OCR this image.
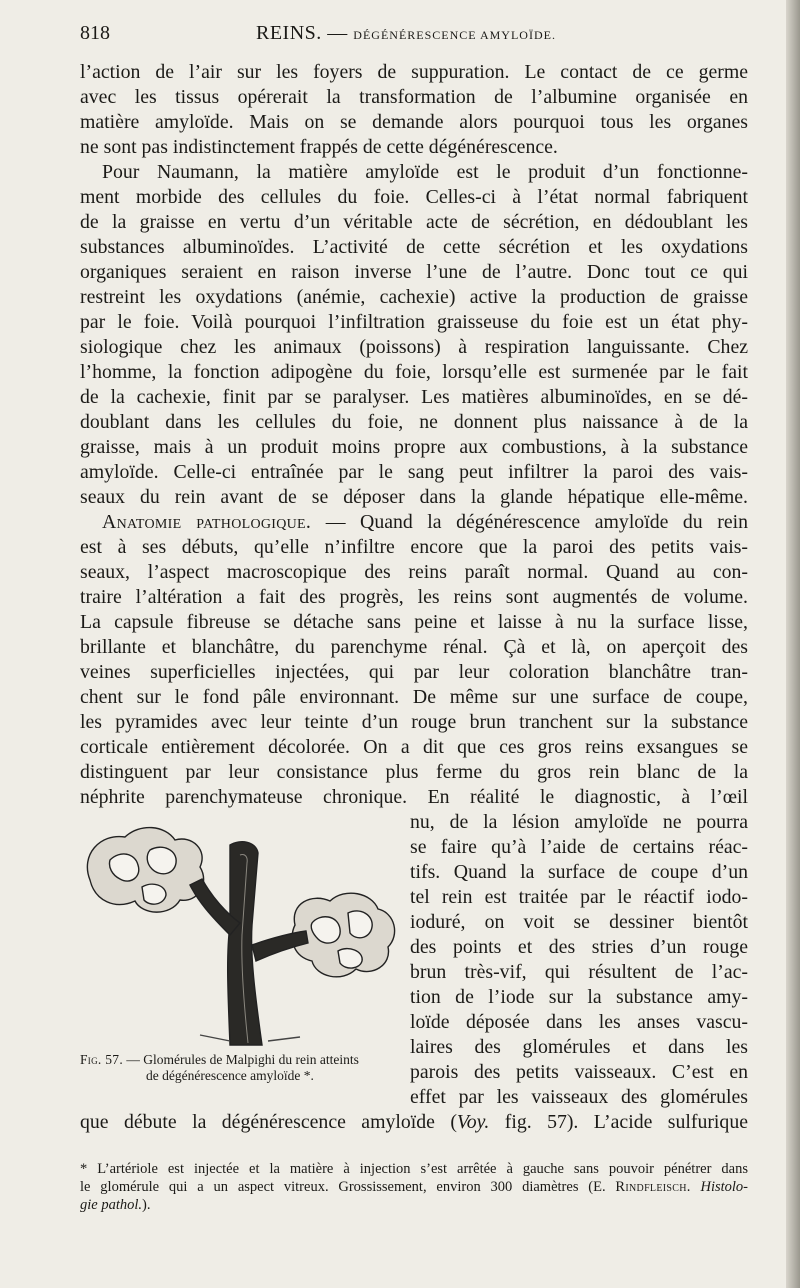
818	REINS. — DÉGÉNÉRESCENCE AMYLOÏDE.
l’action de l’air sur les foyers de suppuration. Le contact de ce germe
avec les tissus opérerait la transformation de l’albumine organisée en
matière amyloïde. Mais on se demande alors pourquoi tous les organes
ne sont pas indistinctement frappés de cette dégénérescence.
Pour Naumann, la matière amyloïde est le produit d’un fonctionne-
ment morbide des cellules du foie. Celles-ci à l’état normal fabriquent
de la graisse en vertu d’un véritable acte de sécrétion, en dédoublant les
substances albuminoïdes. L’activité de cette sécrétion et les oxydations
organiques seraient en raison inverse l’une de l’autre. Donc tout ce qui
restreint les oxydations (anémie, cachexie) active la production de graisse
par le foie. Voilà pourquoi l’infiltration graisseuse du foie est un état phy-
siologique chez les animaux (poissons) à respiration languissante. Chez
l’homme, la fonction adipogène du foie, lorsqu’elle est surmenée par le fait
de la cachexie, finit par se paralyser. Les matières albuminoïdes, en se dé-
doublant dans les cellules du foie, ne donnent plus naissance à de la
graisse, mais à un produit moins propre aux combustions, à la substance
amyloïde. Celle-ci entraînée par le sang peut infiltrer la paroi des vais-
seaux du rein avant de se déposer dans la glande hépatique elle-même.
Anatomie pathologique. — Quand la dégénérescence amyloïde du rein
est à ses débuts, qu’elle n’infiltre encore que la paroi des petits vais-
seaux, l’aspect macroscopique des reins paraît normal. Quand au con-
traire l’altération a fait des progrès, les reins sont augmentés de volume.
La capsule fibreuse se détache sans peine et laisse à nu la surface lisse,
brillante et blanchâtre, du parenchyme rénal. Çà et là, on aperçoit des
veines superficielles injectées, qui par leur coloration blanchâtre tran-
chent sur le fond pâle environnant. De même sur une surface de coupe,
les pyramides avec leur teinte d’un rouge brun tranchent sur la substance
corticale entièrement décolorée. On a dit que ces gros reins exsangues se
distinguent par leur consistance plus ferme du gros rein blanc de la
néphrite parenchymateuse chronique. En réalité le diagnostic, à l’œil
nu, de la lésion amyloïde ne pourra
se faire qu’à l’aide de certains réac-
tifs. Quand la surface de coupe d’un
tel rein est traitée par le réactif iodo-
ioduré, on voit se dessiner bientôt
des points et des stries d’un rouge
brun très-vif, qui résultent de l’ac-
tion de l’iode sur la substance amy-
loïde déposée dans les anses vascu-
laires des glomérules et dans les
parois des petits vaisseaux. C’est en
effet par les vaisseaux des glomérules
que débute la dégénérescence amyloïde (Voy. fig. 57). L’acide sulfurique
Fig. 57. — Glomérules de Malpighi du rein atteints
de dégénérescence amyloïde *.
* L’artériole est injectée et la matière à injection s’est arrêtée à gauche sans pouvoir pénétrer dans
le glomérule qui a un aspect vitreux. Grossissement, environ 300 diamètres (E. Rindfleisch. Histolo-
gie pathol.).
